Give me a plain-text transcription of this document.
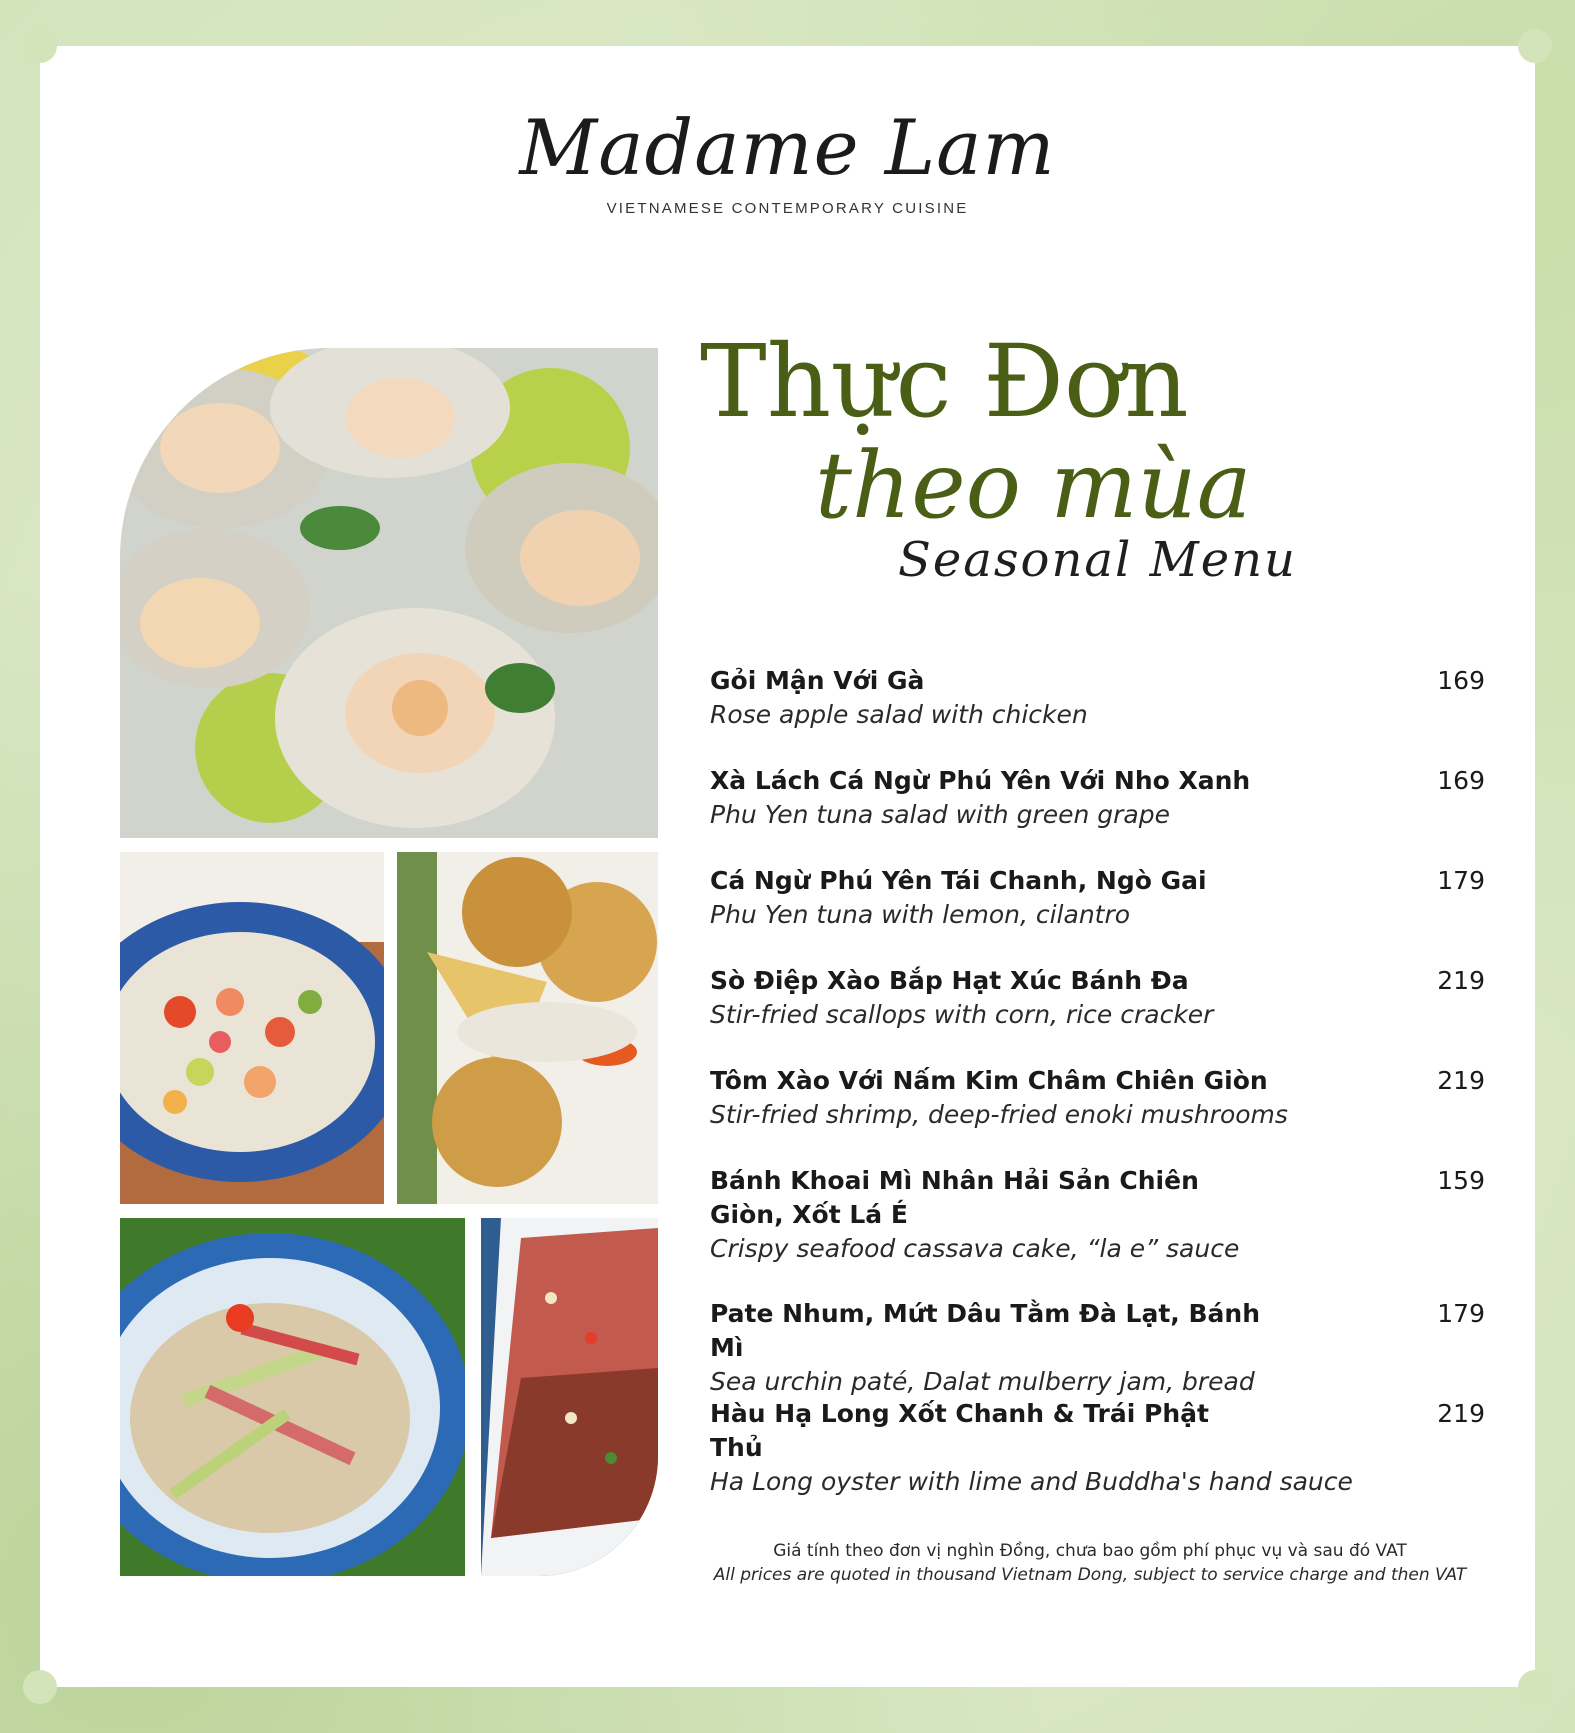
Madame Lam
VIETNAMESE CONTEMPORARY CUISINE
Thực Đơn
theo mùa
Seasonal Menu
Gỏi Mận Với Gà
Rose apple salad with chicken
169
Xà Lách Cá Ngừ Phú Yên Với Nho Xanh
Phu Yen tuna salad with green grape
169
Cá Ngừ Phú Yên Tái Chanh, Ngò Gai
Phu Yen tuna with lemon, cilantro
179
Sò Điệp Xào Bắp Hạt Xúc Bánh Đa
Stir-fried scallops with corn, rice cracker
219
Tôm Xào Với Nấm Kim Châm Chiên Giòn
Stir-fried shrimp, deep-fried enoki mushrooms
219
Bánh Khoai Mì Nhân Hải Sản Chiên Giòn, Xốt Lá É
Crispy seafood cassava cake, “la e” sauce
159
Pate Nhum, Mứt Dâu Tằm Đà Lạt, Bánh Mì
Sea urchin paté, Dalat mulberry jam, bread
179
Hàu Hạ Long Xốt Chanh & Trái Phật Thủ
Ha Long oyster with lime and Buddha's hand sauce
219
Giá tính theo đơn vị nghìn Đồng, chưa bao gồm phí phục vụ và sau đó VAT
All prices are quoted in thousand Vietnam Dong, subject to service charge and then VAT
